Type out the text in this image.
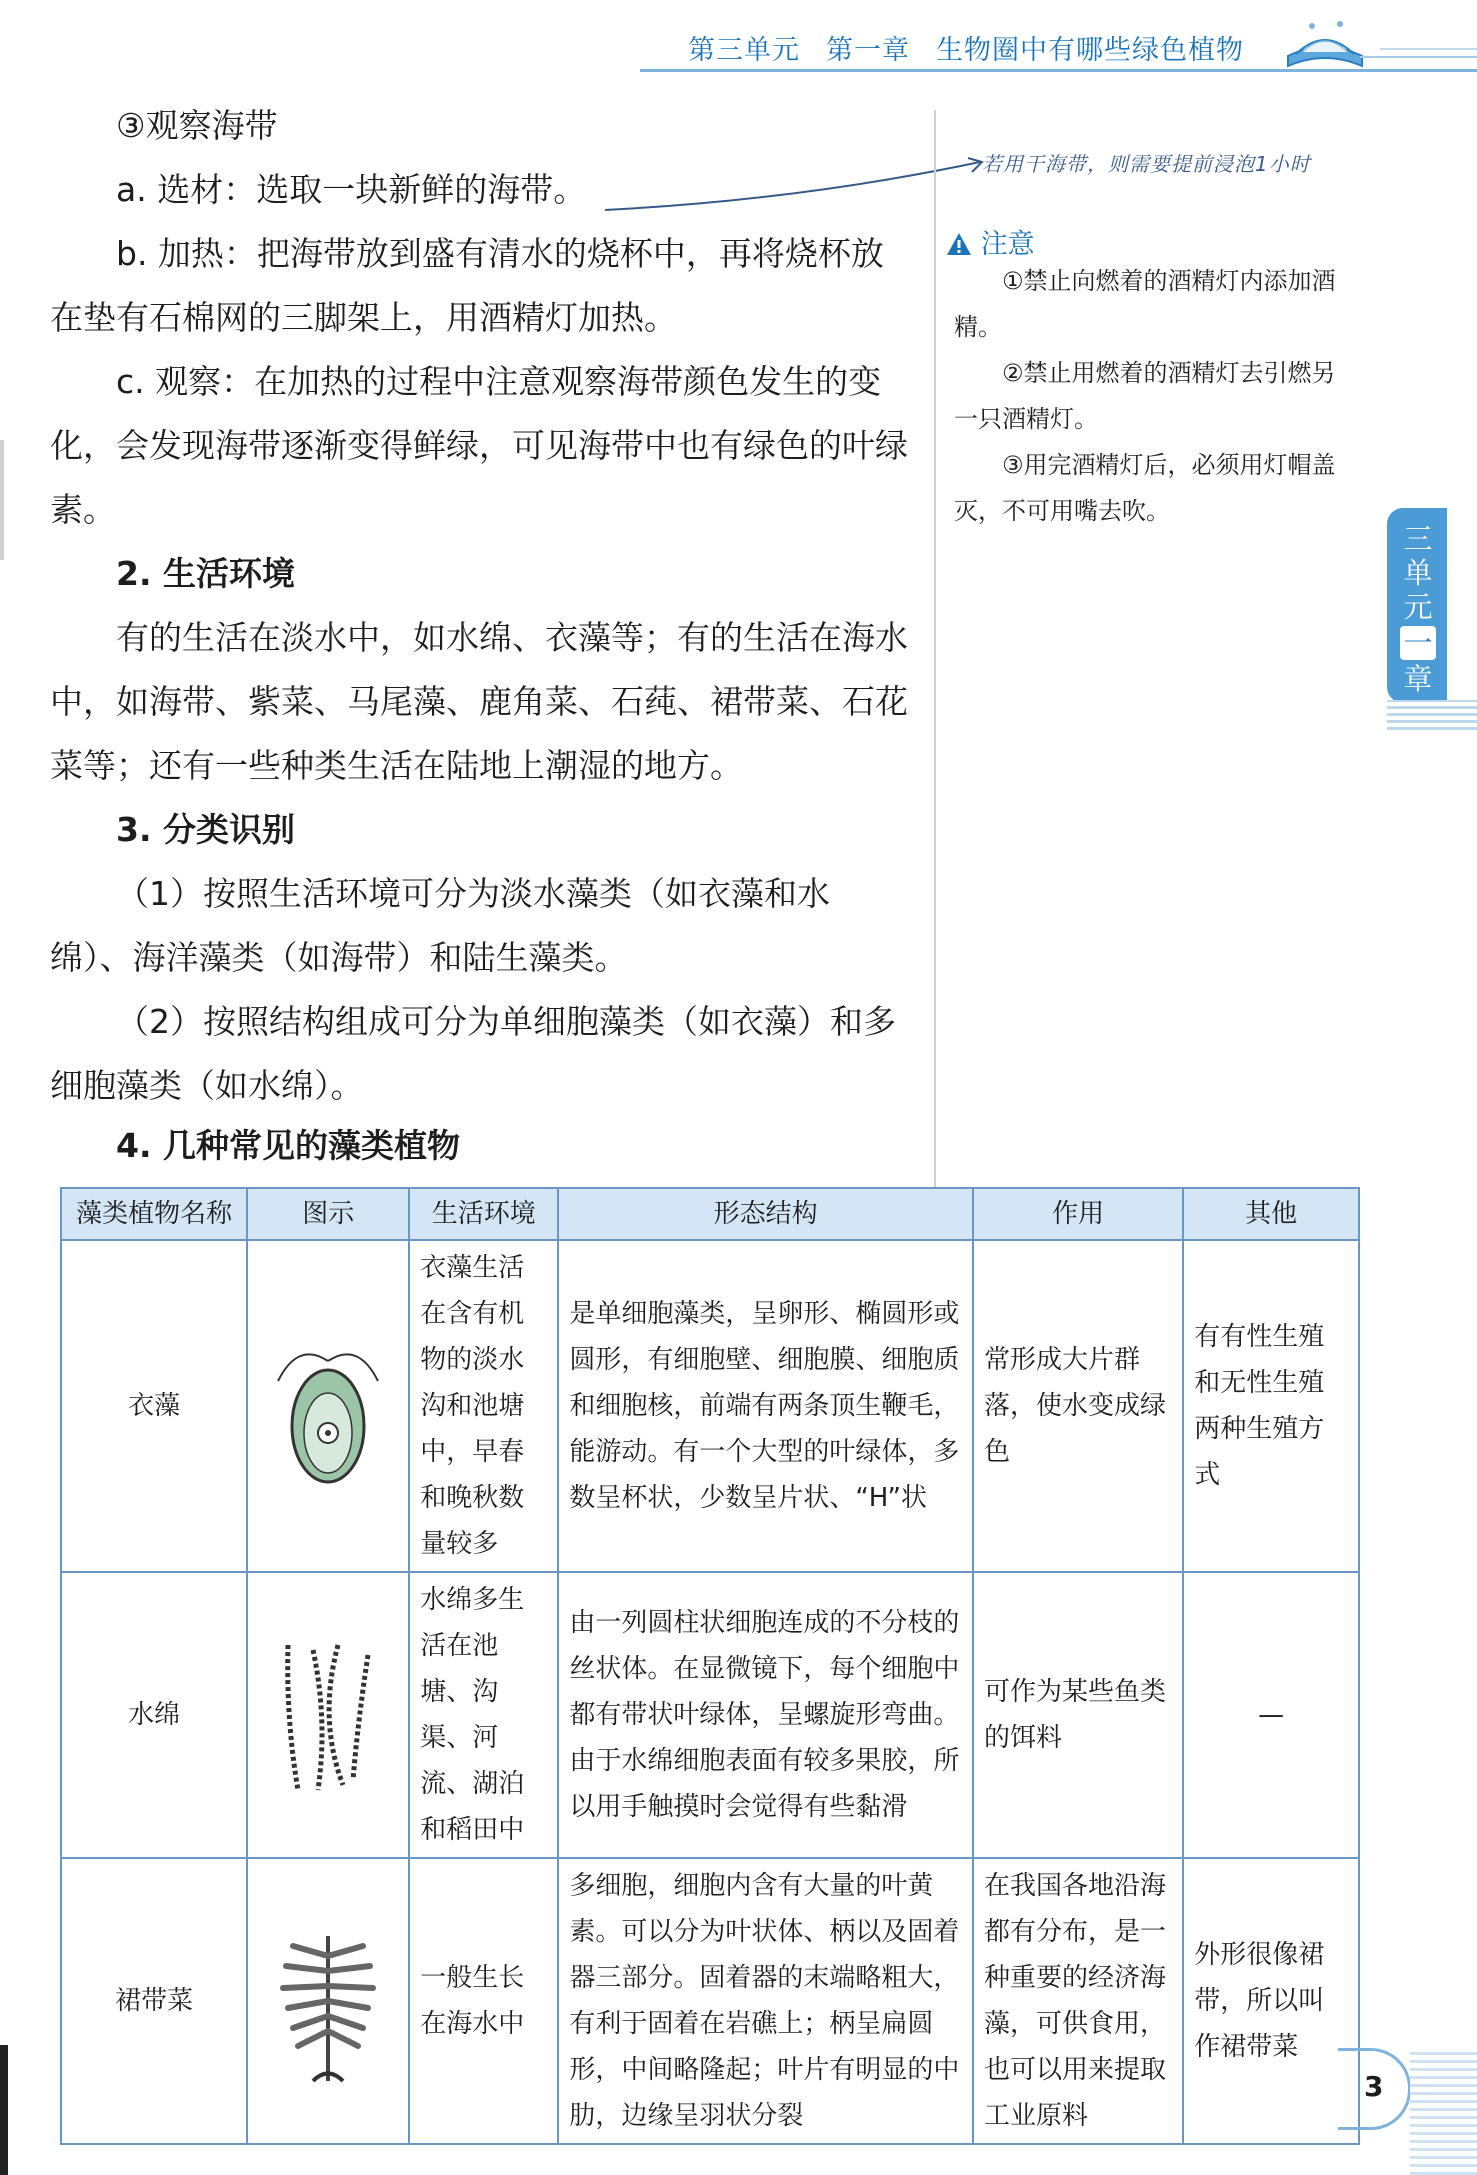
第三单元 第一章 生物圈中有哪些绿色植物

③观察海带

a. 选材：选取一块新鲜的海带。

b. 加热：把海带放到盛有清水的烧杯中，再将烧杯放在垫有石棉网的三脚架上，用酒精灯加热。

c. 观察：在加热的过程中注意观察海带颜色发生的变化，会发现海带逐渐变得鲜绿，可见海带中也有绿色的叶绿素。

2. 生活环境

有的生活在淡水中，如水绵、衣藻等；有的生活在海水中，如海带、紫菜、马尾藻、鹿角菜、石莼、裙带菜、石花菜等；还有一些种类生活在陆地上潮湿的地方。

3. 分类识别

（1）按照生活环境可分为淡水藻类（如衣藻和水绵）、海洋藻类（如海带）和陆生藻类。

（2）按照结构组成可分为单细胞藻类（如衣藻）和多细胞藻类（如水绵）。

4. 几种常见的藻类植物

若用干海带，则需要提前浸泡1小时
注意

①禁止向燃着的酒精灯内添加酒精。

②禁止用燃着的酒精灯去引燃另一只酒精灯。

③用完酒精灯后，必须用灯帽盖灭，不可用嘴去吹。

三单元
一
章
藻类植物名称	图示	生活环境	形态结构	作用	其他
衣藻		衣藻生活在含有机物的淡水沟和池塘中，早春和晚秋数量较多	是单细胞藻类，呈卵形、椭圆形或圆形，有细胞壁、细胞膜、细胞质和细胞核，前端有两条顶生鞭毛，能游动。有一个大型的叶绿体，多数呈杯状，少数呈片状、“H”状	常形成大片群落，使水变成绿色	有有性生殖和无性生殖两种生殖方式
水绵		水绵多生活在池塘、沟渠、河流、湖泊和稻田中	由一列圆柱状细胞连成的不分枝的丝状体。在显微镜下，每个细胞中都有带状叶绿体，呈螺旋形弯曲。由于水绵细胞表面有较多果胶，所以用手触摸时会觉得有些黏滑	可作为某些鱼类的饵料	—
裙带菜		一般生长在海水中	多细胞，细胞内含有大量的叶黄素。可以分为叶状体、柄以及固着器三部分。固着器的末端略粗大，有利于固着在岩礁上；柄呈扁圆形，中间略隆起；叶片有明显的中肋，边缘呈羽状分裂	在我国各地沿海都有分布，是一种重要的经济海藻，可供食用，也可以用来提取工业原料	外形很像裙带，所以叫作裙带菜
3
